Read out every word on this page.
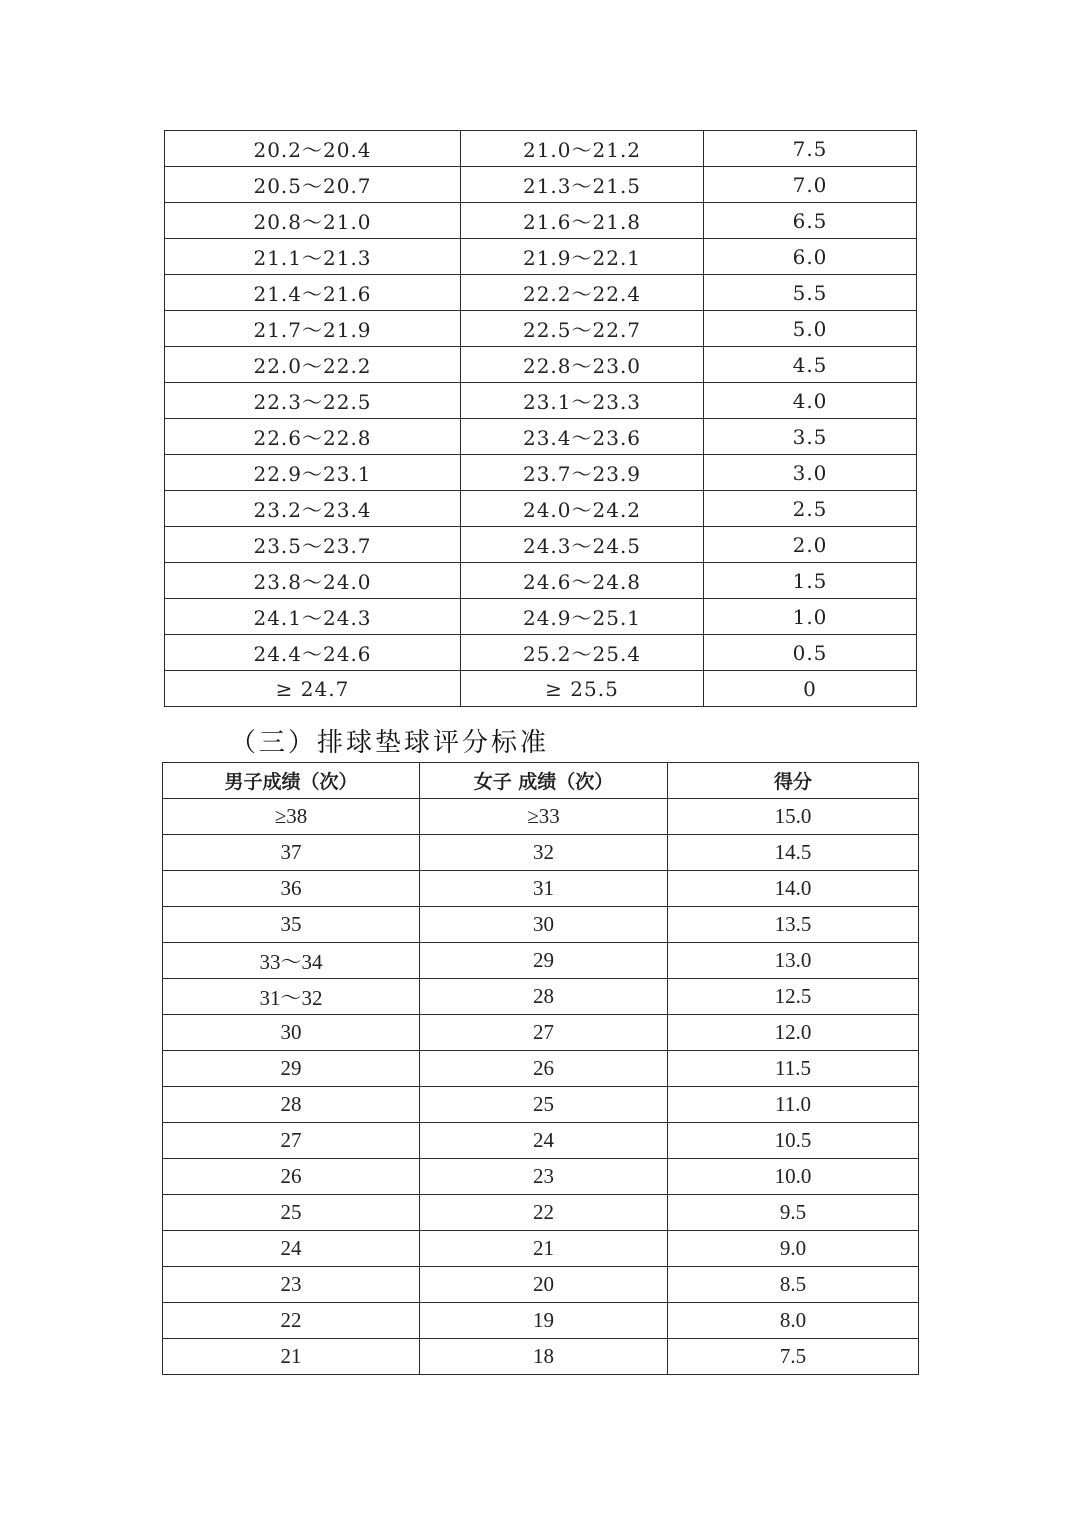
20.2～20.4	21.0～21.2	7.5
20.5～20.7	21.3～21.5	7.0
20.8～21.0	21.6～21.8	6.5
21.1～21.3	21.9～22.1	6.0
21.4～21.6	22.2～22.4	5.5
21.7～21.9	22.5～22.7	5.0
22.0～22.2	22.8～23.0	4.5
22.3～22.5	23.1～23.3	4.0
22.6～22.8	23.4～23.6	3.5
22.9～23.1	23.7～23.9	3.0
23.2～23.4	24.0～24.2	2.5
23.5～23.7	24.3～24.5	2.0
23.8～24.0	24.6～24.8	1.5
24.1～24.3	24.9～25.1	1.0
24.4～24.6	25.2～25.4	0.5
≥ 24.7	≥ 25.5	0
（三）排球垫球评分标准
男子成绩（次）	女子 成绩（次）	得分
≥38	≥33	15.0
37	32	14.5
36	31	14.0
35	30	13.5
33～34	29	13.0
31～32	28	12.5
30	27	12.0
29	26	11.5
28	25	11.0
27	24	10.5
26	23	10.0
25	22	9.5
24	21	9.0
23	20	8.5
22	19	8.0
21	18	7.5
